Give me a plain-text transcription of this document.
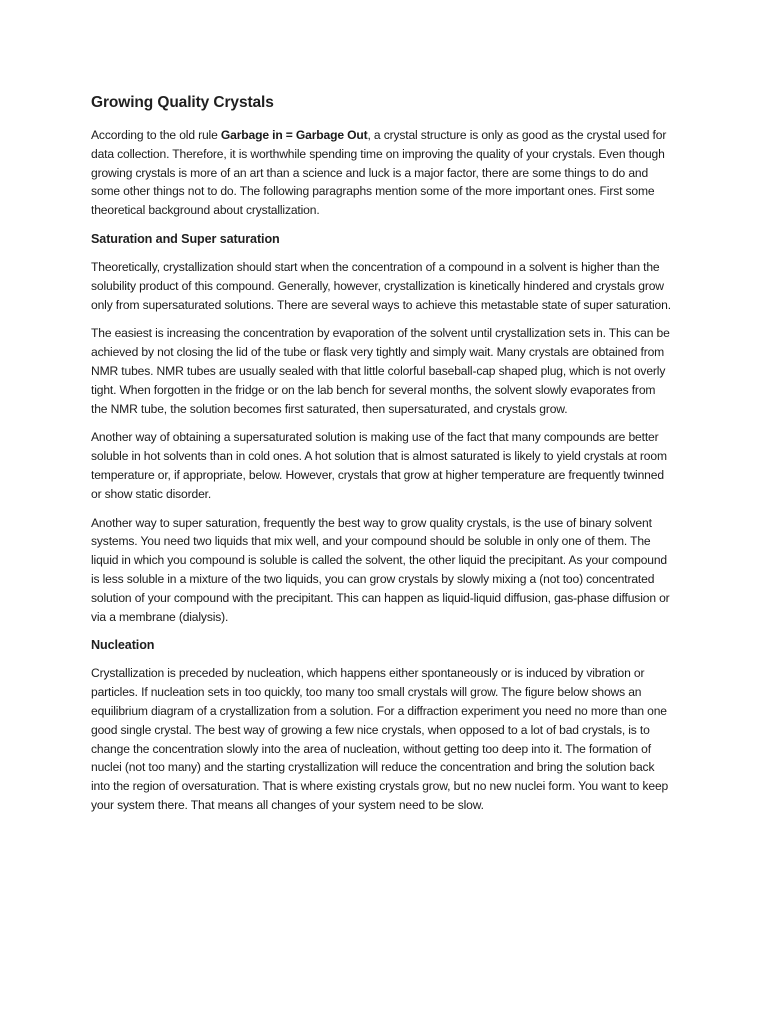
Growing Quality Crystals

According to the old rule Garbage in = Garbage Out, a crystal structure is only as good as the crystal used for data collection. Therefore, it is worthwhile spending time on improving the quality of your crystals. Even though growing crystals is more of an art than a science and luck is a major factor, there are some things to do and some other things not to do. The following paragraphs mention some of the more important ones. First some theoretical background about crystallization.

Saturation and Super saturation

Theoretically, crystallization should start when the concentration of a compound in a solvent is higher than the solubility product of this compound. Generally, however, crystallization is kinetically hindered and crystals grow only from supersaturated solutions. There are several ways to achieve this metastable state of super saturation.

The easiest is increasing the concentration by evaporation of the solvent until crystallization sets in. This can be achieved by not closing the lid of the tube or flask very tightly and simply wait. Many crystals are obtained from NMR tubes. NMR tubes are usually sealed with that little colorful baseball-cap shaped plug, which is not overly tight. When forgotten in the fridge or on the lab bench for several months, the solvent slowly evaporates from the NMR tube, the solution becomes first saturated, then supersaturated, and crystals grow.

Another way of obtaining a supersaturated solution is making use of the fact that many compounds are better soluble in hot solvents than in cold ones. A hot solution that is almost saturated is likely to yield crystals at room temperature or, if appropriate, below. However, crystals that grow at higher temperature are frequently twinned or show static disorder.

Another way to super saturation, frequently the best way to grow quality crystals, is the use of binary solvent systems. You need two liquids that mix well, and your compound should be soluble in only one of them. The liquid in which you compound is soluble is called the solvent, the other liquid the precipitant. As your compound is less soluble in a mixture of the two liquids, you can grow crystals by slowly mixing a (not too) concentrated solution of your compound with the precipitant. This can happen as liquid-liquid diffusion, gas-phase diffusion or via a membrane (dialysis).

Nucleation

Crystallization is preceded by nucleation, which happens either spontaneously or is induced by vibration or particles. If nucleation sets in too quickly, too many too small crystals will grow. The figure below shows an equilibrium diagram of a crystallization from a solution. For a diffraction experiment you need no more than one good single crystal. The best way of growing a few nice crystals, when opposed to a lot of bad crystals, is to change the concentration slowly into the area of nucleation, without getting too deep into it. The formation of nuclei (not too many) and the starting crystallization will reduce the concentration and bring the solution back into the region of oversaturation. That is where existing crystals grow, but no new nuclei form. You want to keep your system there. That means all changes of your system need to be slow.
